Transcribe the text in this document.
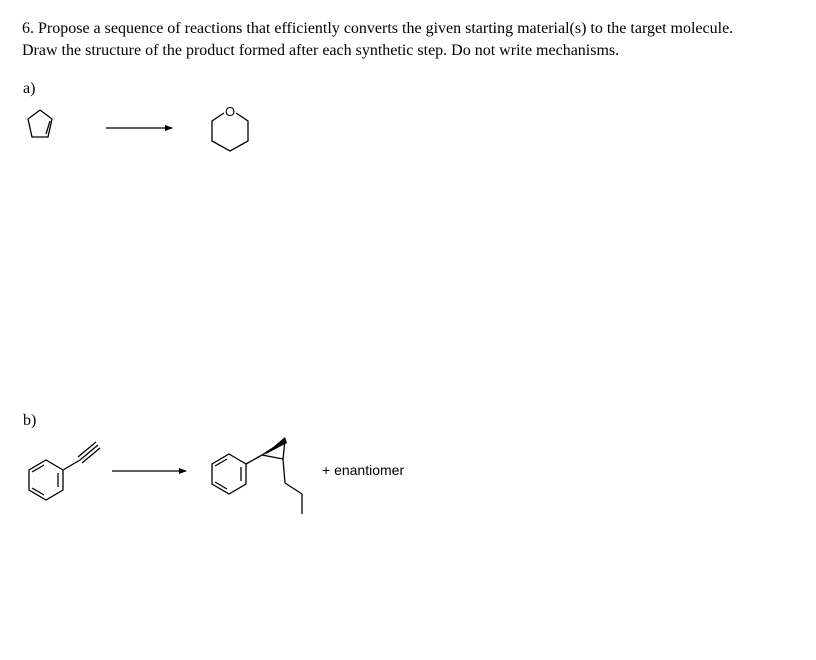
6. Propose a sequence of reactions that efficiently converts the given starting material(s) to the target molecule.

Draw the structure of the product formed after each synthetic step. Do not write mechanisms.

a)
b)
O
+ enantiomer
